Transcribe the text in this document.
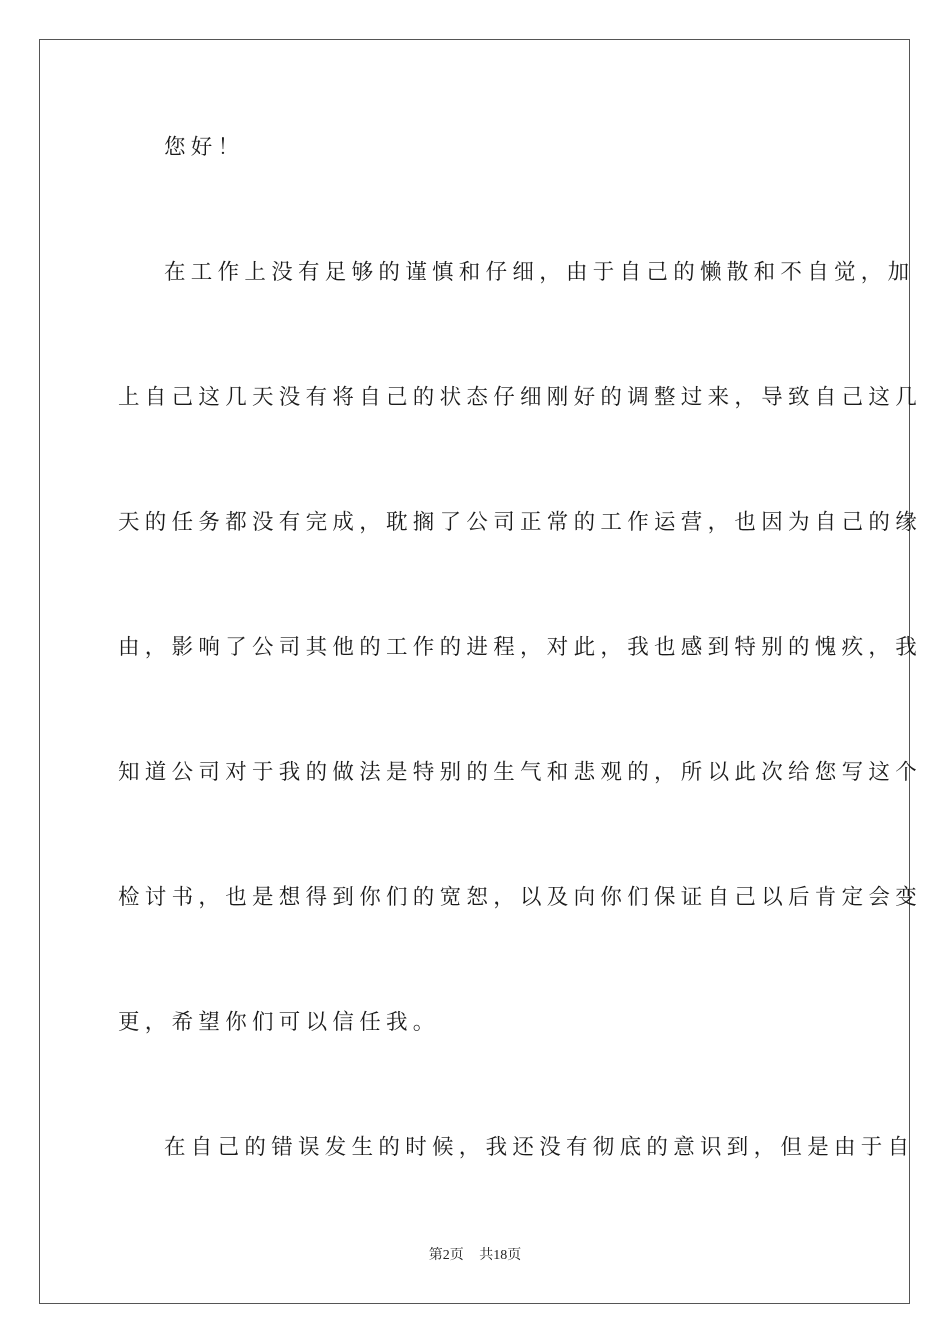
您好！
在工作上没有足够的谨慎和仔细，由于自己的懒散和不自觉，加
上自己这几天没有将自己的状态仔细刚好的调整过来，导致自己这几
天的任务都没有完成，耽搁了公司正常的工作运营，也因为自己的缘
由，影响了公司其他的工作的进程，对此，我也感到特别的愧疚，我
知道公司对于我的做法是特别的生气和悲观的，所以此次给您写这个
检讨书，也是想得到你们的宽恕，以及向你们保证自己以后肯定会变
更，希望你们可以信任我。
在自己的错误发生的时候，我还没有彻底的意识到，但是由于自
第2页 共18页
